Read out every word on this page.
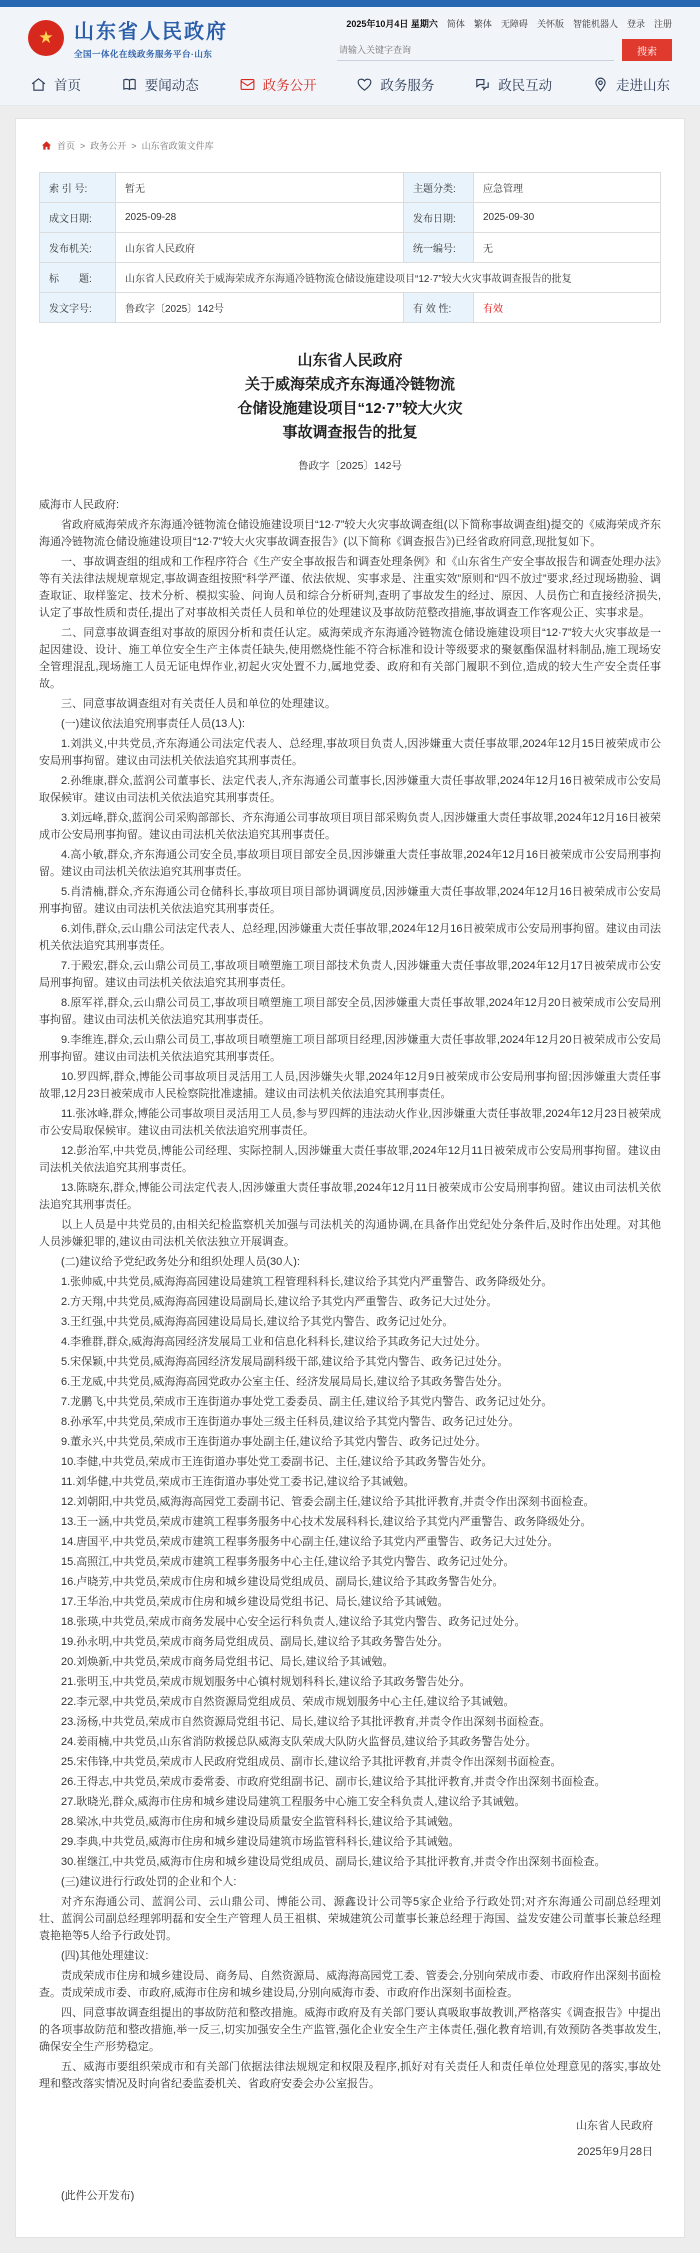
★	山东省人民政府
全国一体化在线政务服务平台·山东
2025年10月4日 星期六 简体 繁体 无障碍 关怀版 智能机器人 登录 注册
请输入关键字查询
搜索
首页	要闻动态	政务公开	政务服务	政民互动	走进山东
首页 > 政务公开 > 山东省政策文件库
索 引 号:	暂无	主题分类:	应急管理
成文日期:	2025-09-28	发布日期:	2025-09-30
发布机关:	山东省人民政府	统一编号:	无
标　　题:	山东省人民政府关于威海荣成齐东海通冷链物流仓储设施建设项目“12·7”较大火灾事故调查报告的批复		
发文字号:	鲁政字〔2025〕142号	有 效 性:	有效
山东省人民政府
关于威海荣成齐东海通冷链物流
仓储设施建设项目“12·7”较大火灾
事故调查报告的批复
鲁政字〔2025〕142号

威海市人民政府:

省政府威海荣成齐东海通冷链物流仓储设施建设项目“12·7”较大火灾事故调查组(以下简称事故调查组)提交的《威海荣成齐东海通冷链物流仓储设施建设项目“12·7”较大火灾事故调查报告》(以下简称《调查报告》)已经省政府同意,现批复如下。

一、事故调查组的组成和工作程序符合《生产安全事故报告和调查处理条例》和《山东省生产安全事故报告和调查处理办法》等有关法律法规规章规定,事故调查组按照“科学严谨、依法依规、实事求是、注重实效”原则和“四不放过”要求,经过现场勘验、调查取证、取样鉴定、技术分析、模拟实验、问询人员和综合分析研判,查明了事故发生的经过、原因、人员伤亡和直接经济损失,认定了事故性质和责任,提出了对事故相关责任人员和单位的处理建议及事故防范整改措施,事故调查工作客观公正、实事求是。

二、同意事故调查组对事故的原因分析和责任认定。威海荣成齐东海通冷链物流仓储设施建设项目“12·7”较大火灾事故是一起因建设、设计、施工单位安全生产主体责任缺失,使用燃烧性能不符合标准和设计等级要求的聚氨酯保温材料制品,施工现场安全管理混乱,现场施工人员无证电焊作业,初起火灾处置不力,属地党委、政府和有关部门履职不到位,造成的较大生产安全责任事故。

三、同意事故调查组对有关责任人员和单位的处理建议。

(一)建议依法追究刑事责任人员(13人):

1.刘洪义,中共党员,齐东海通公司法定代表人、总经理,事故项目负责人,因涉嫌重大责任事故罪,2024年12月15日被荣成市公安局刑事拘留。建议由司法机关依法追究其刑事责任。

2.孙维康,群众,蓝润公司董事长、法定代表人,齐东海通公司董事长,因涉嫌重大责任事故罪,2024年12月16日被荣成市公安局取保候审。建议由司法机关依法追究其刑事责任。

3.刘远峰,群众,蓝润公司采购部部长、齐东海通公司事故项目项目部采购负责人,因涉嫌重大责任事故罪,2024年12月16日被荣成市公安局刑事拘留。建议由司法机关依法追究其刑事责任。

4.高小敏,群众,齐东海通公司安全员,事故项目项目部安全员,因涉嫌重大责任事故罪,2024年12月16日被荣成市公安局刑事拘留。建议由司法机关依法追究其刑事责任。

5.肖清楠,群众,齐东海通公司仓储科长,事故项目项目部协调调度员,因涉嫌重大责任事故罪,2024年12月16日被荣成市公安局刑事拘留。建议由司法机关依法追究其刑事责任。

6.刘伟,群众,云山鼎公司法定代表人、总经理,因涉嫌重大责任事故罪,2024年12月16日被荣成市公安局刑事拘留。建议由司法机关依法追究其刑事责任。

7.于殿宏,群众,云山鼎公司员工,事故项目喷塑施工项目部技术负责人,因涉嫌重大责任事故罪,2024年12月17日被荣成市公安局刑事拘留。建议由司法机关依法追究其刑事责任。

8.原军祥,群众,云山鼎公司员工,事故项目喷塑施工项目部安全员,因涉嫌重大责任事故罪,2024年12月20日被荣成市公安局刑事拘留。建议由司法机关依法追究其刑事责任。

9.李维连,群众,云山鼎公司员工,事故项目喷塑施工项目部项目经理,因涉嫌重大责任事故罪,2024年12月20日被荣成市公安局刑事拘留。建议由司法机关依法追究其刑事责任。

10.罗四辉,群众,博能公司事故项目灵活用工人员,因涉嫌失火罪,2024年12月9日被荣成市公安局刑事拘留;因涉嫌重大责任事故罪,12月23日被荣成市人民检察院批准逮捕。建议由司法机关依法追究其刑事责任。

11.张冰峰,群众,博能公司事故项目灵活用工人员,参与罗四辉的违法动火作业,因涉嫌重大责任事故罪,2024年12月23日被荣成市公安局取保候审。建议由司法机关依法追究刑事责任。

12.彭治军,中共党员,博能公司经理、实际控制人,因涉嫌重大责任事故罪,2024年12月11日被荣成市公安局刑事拘留。建议由司法机关依法追究其刑事责任。

13.陈晓东,群众,博能公司法定代表人,因涉嫌重大责任事故罪,2024年12月11日被荣成市公安局刑事拘留。建议由司法机关依法追究其刑事责任。

以上人员是中共党员的,由相关纪检监察机关加强与司法机关的沟通协调,在具备作出党纪处分条件后,及时作出处理。对其他人员涉嫌犯罪的,建议由司法机关依法独立开展调查。

(二)建议给予党纪政务处分和组织处理人员(30人):

1.张帅威,中共党员,威海海高园建设局建筑工程管理科科长,建议给予其党内严重警告、政务降级处分。

2.方天翔,中共党员,威海海高园建设局副局长,建议给予其党内严重警告、政务记大过处分。

3.王红强,中共党员,威海海高园建设局局长,建议给予其党内警告、政务记过处分。

4.李雅群,群众,威海海高园经济发展局工业和信息化科科长,建议给予其政务记大过处分。

5.宋保颖,中共党员,威海海高园经济发展局副科级干部,建议给予其党内警告、政务记过处分。

6.王龙威,中共党员,威海海高园党政办公室主任、经济发展局局长,建议给予其政务警告处分。

7.龙鹏飞,中共党员,荣成市王连街道办事处党工委委员、副主任,建议给予其党内警告、政务记过处分。

8.孙承军,中共党员,荣成市王连街道办事处三级主任科员,建议给予其党内警告、政务记过处分。

9.董永兴,中共党员,荣成市王连街道办事处副主任,建议给予其党内警告、政务记过处分。

10.李健,中共党员,荣成市王连街道办事处党工委副书记、主任,建议给予其政务警告处分。

11.刘华健,中共党员,荣成市王连街道办事处党工委书记,建议给予其诫勉。

12.刘朝阳,中共党员,威海海高园党工委副书记、管委会副主任,建议给予其批评教育,并责令作出深刻书面检查。

13.王一涵,中共党员,荣成市建筑工程事务服务中心技术发展科科长,建议给予其党内严重警告、政务降级处分。

14.唐国平,中共党员,荣成市建筑工程事务服务中心副主任,建议给予其党内严重警告、政务记大过处分。

15.高照江,中共党员,荣成市建筑工程事务服务中心主任,建议给予其党内警告、政务记过处分。

16.卢晓芳,中共党员,荣成市住房和城乡建设局党组成员、副局长,建议给予其政务警告处分。

17.王华治,中共党员,荣成市住房和城乡建设局党组书记、局长,建议给予其诫勉。

18.张瑛,中共党员,荣成市商务发展中心安全运行科负责人,建议给予其党内警告、政务记过处分。

19.孙永明,中共党员,荣成市商务局党组成员、副局长,建议给予其政务警告处分。

20.刘焕新,中共党员,荣成市商务局党组书记、局长,建议给予其诫勉。

21.张明玉,中共党员,荣成市规划服务中心镇村规划科科长,建议给予其政务警告处分。

22.李元翠,中共党员,荣成市自然资源局党组成员、荣成市规划服务中心主任,建议给予其诫勉。

23.汤杨,中共党员,荣成市自然资源局党组书记、局长,建议给予其批评教育,并责令作出深刻书面检查。

24.姜雨楠,中共党员,山东省消防救援总队威海支队荣成大队防火监督员,建议给予其政务警告处分。

25.宋伟锋,中共党员,荣成市人民政府党组成员、副市长,建议给予其批评教育,并责令作出深刻书面检查。

26.王得志,中共党员,荣成市委常委、市政府党组副书记、副市长,建议给予其批评教育,并责令作出深刻书面检查。

27.耿晓光,群众,威海市住房和城乡建设局建筑工程服务中心施工安全科负责人,建议给予其诫勉。

28.梁冰,中共党员,威海市住房和城乡建设局质量安全监管科科长,建议给予其诫勉。

29.李典,中共党员,威海市住房和城乡建设局建筑市场监管科科长,建议给予其诫勉。

30.崔继江,中共党员,威海市住房和城乡建设局党组成员、副局长,建议给予其批评教育,并责令作出深刻书面检查。

(三)建议进行行政处罚的企业和个人:

对齐东海通公司、蓝润公司、云山鼎公司、博能公司、源鑫设计公司等5家企业给予行政处罚;对齐东海通公司副总经理刘壮、蓝润公司副总经理郭明磊和安全生产管理人员王祖棋、荣城建筑公司董事长兼总经理于海国、益发安建公司董事长兼总经理袁艳艳等5人给予行政处罚。

(四)其他处理建议:

责成荣成市住房和城乡建设局、商务局、自然资源局、威海海高园党工委、管委会,分别向荣成市委、市政府作出深刻书面检查。责成荣成市委、市政府,威海市住房和城乡建设局,分别向威海市委、市政府作出深刻书面检查。

四、同意事故调查组提出的事故防范和整改措施。威海市政府及有关部门要认真吸取事故教训,严格落实《调查报告》中提出的各项事故防范和整改措施,举一反三,切实加强安全生产监管,强化企业安全生产主体责任,强化教育培训,有效预防各类事故发生,确保安全生产形势稳定。

五、威海市要组织荣成市和有关部门依据法律法规规定和权限及程序,抓好对有关责任人和责任单位处理意见的落实,事故处理和整改落实情况及时向省纪委监委机关、省政府安委会办公室报告。

山东省人民政府
2025年9月28日
(此件公开发布)
